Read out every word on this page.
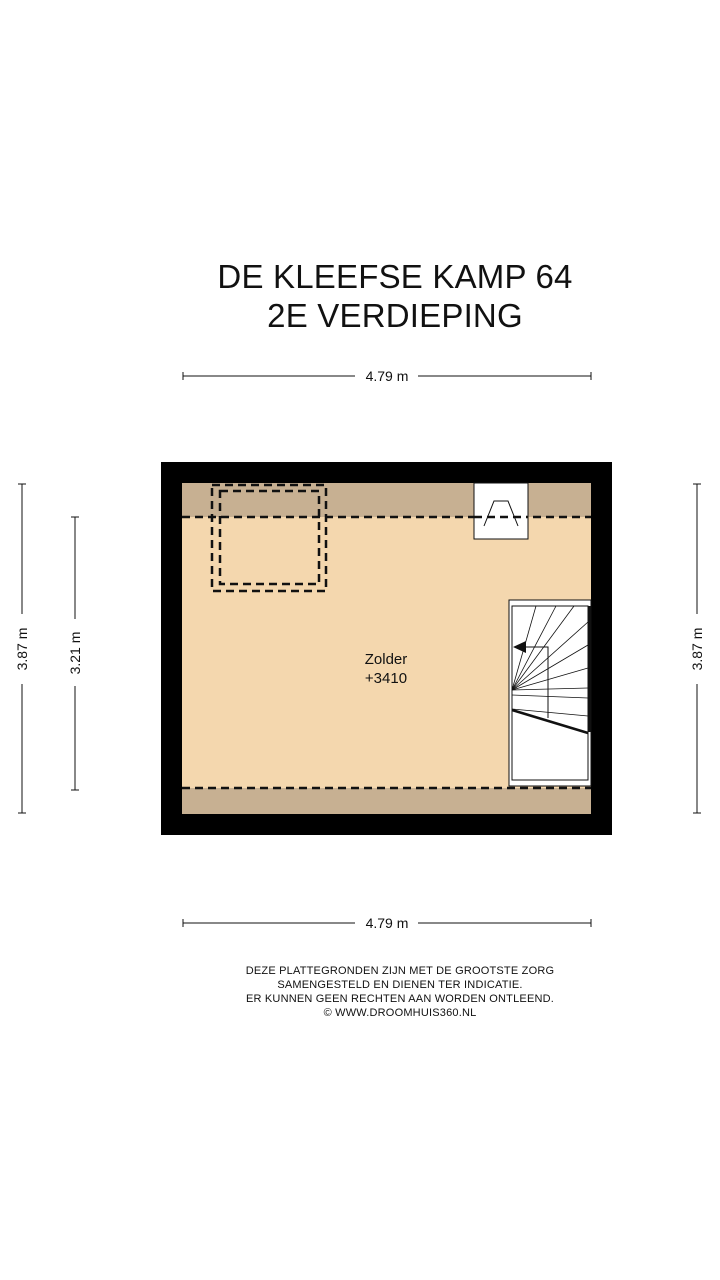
DE KLEEFSE KAMP 64
2E VERDIEPING
4.79 m
3.87 m	3.21 m	3.87 m
4.79 m
Zolder
+3410
DEZE PLATTEGRONDEN ZIJN MET DE GROOTSTE ZORG
SAMENGESTELD EN DIENEN TER INDICATIE.
ER KUNNEN GEEN RECHTEN AAN WORDEN ONTLEEND.
© WWW.DROOMHUIS360.NL
